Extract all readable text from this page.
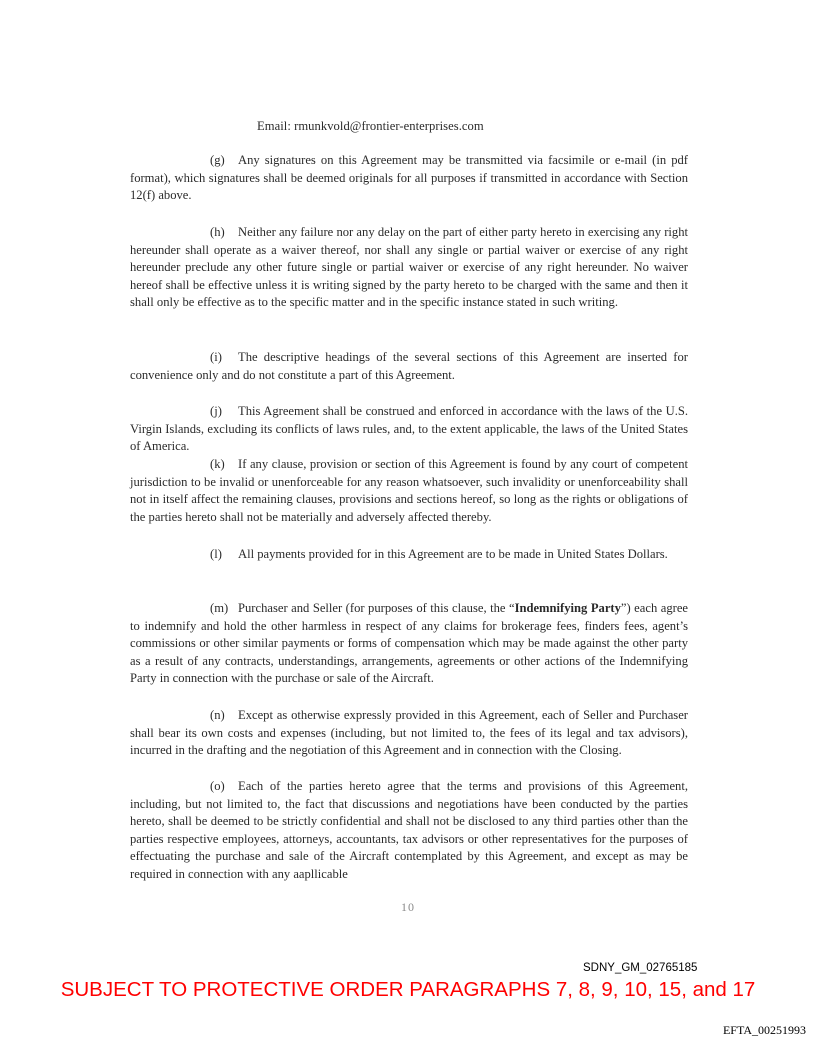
Email: rmunkvold@frontier-enterprises.com

(g) Any signatures on this Agreement may be transmitted via facsimile or e-mail (in pdf format), which signatures shall be deemed originals for all purposes if transmitted in accordance with Section 12(f) above.

(h) Neither any failure nor any delay on the part of either party hereto in exercising any right hereunder shall operate as a waiver thereof, nor shall any single or partial waiver or exercise of any right hereunder preclude any other future single or partial waiver or exercise of any right hereunder. No waiver hereof shall be effective unless it is writing signed by the party hereto to be charged with the same and then it shall only be effective as to the specific matter and in the specific instance stated in such writing.

(i) The descriptive headings of the several sections of this Agreement are inserted for convenience only and do not constitute a part of this Agreement.

(j) This Agreement shall be construed and enforced in accordance with the laws of the U.S. Virgin Islands, excluding its conflicts of laws rules, and, to the extent applicable, the laws of the United States of America.

(k) If any clause, provision or section of this Agreement is found by any court of competent jurisdiction to be invalid or unenforceable for any reason whatsoever, such invalidity or unenforceability shall not in itself affect the remaining clauses, provisions and sections hereof, so long as the rights or obligations of the parties hereto shall not be materially and adversely affected thereby.

(l) All payments provided for in this Agreement are to be made in United States Dollars.

(m) Purchaser and Seller (for purposes of this clause, the “Indemnifying Party”) each agree to indemnify and hold the other harmless in respect of any claims for brokerage fees, finders fees, agent’s commissions or other similar payments or forms of compensation which may be made against the other party as a result of any contracts, understandings, arrangements, agreements or other actions of the Indemnifying Party in connection with the purchase or sale of the Aircraft.

(n) Except as otherwise expressly provided in this Agreement, each of Seller and Purchaser shall bear its own costs and expenses (including, but not limited to, the fees of its legal and tax advisors), incurred in the drafting and the negotiation of this Agreement and in connection with the Closing.

(o) Each of the parties hereto agree that the terms and provisions of this Agreement, including, but not limited to, the fact that discussions and negotiations have been conducted by the parties hereto, shall be deemed to be strictly confidential and shall not be disclosed to any third parties other than the parties respective employees, attorneys, accountants, tax advisors or other representatives for the purposes of effectuating the purchase and sale of the Aircraft contemplated by this Agreement, and except as may be required in connection with any aapllicable

10
SDNY_GM_02765185
SUBJECT TO PROTECTIVE ORDER PARAGRAPHS 7, 8, 9, 10, 15, and 17
EFTA_00251993
